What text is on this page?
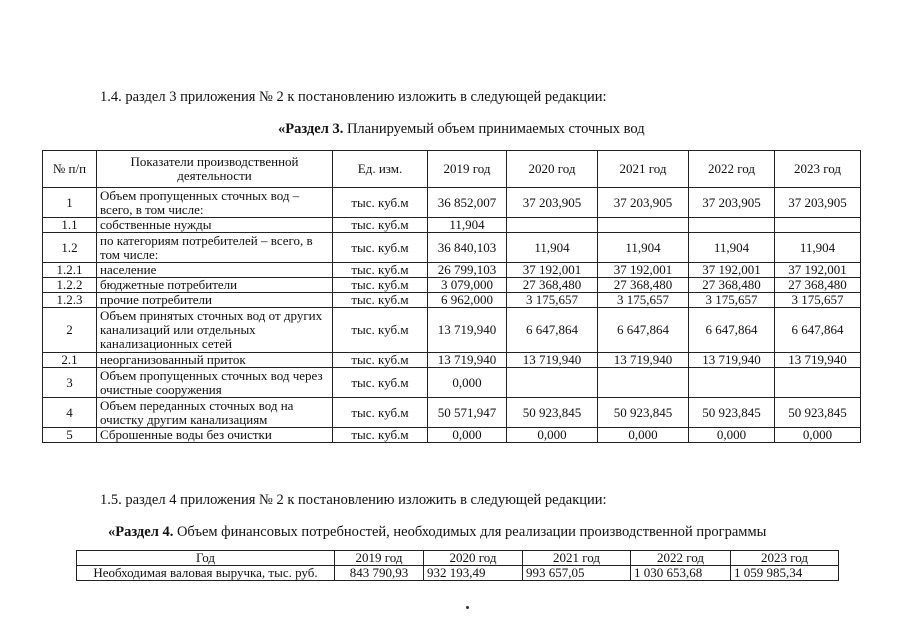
1.4. раздел 3 приложения № 2 к постановлению изложить в следующей редакции:
«Раздел 3. Планируемый объем принимаемых сточных вод
№ п/п	Показатели производственной деятельности	Ед. изм.	2019 год	2020 год	2021 год	2022 год	2023 год
1	Объем пропущенных сточных вод – всего, в том числе:	тыс. куб.м	36 852,007	37 203,905	37 203,905	37 203,905	37 203,905
1.1	собственные нужды	тыс. куб.м	11,904				
1.2	по категориям потребителей – всего, в том числе:	тыс. куб.м	36 840,103	11,904	11,904	11,904	11,904
1.2.1	население	тыс. куб.м	26 799,103	37 192,001	37 192,001	37 192,001	37 192,001
1.2.2	бюджетные потребители	тыс. куб.м	3 079,000	27 368,480	27 368,480	27 368,480	27 368,480
1.2.3	прочие потребители	тыс. куб.м	6 962,000	3 175,657	3 175,657	3 175,657	3 175,657
2	Объем принятых сточных вод от других канализаций или отдельных канализационных сетей	тыс. куб.м	13 719,940	6 647,864	6 647,864	6 647,864	6 647,864
2.1	неорганизованный приток	тыс. куб.м	13 719,940	13 719,940	13 719,940	13 719,940	13 719,940
3	Объем пропущенных сточных вод через очистные сооружения	тыс. куб.м	0,000				
4	Объем переданных сточных вод на очистку другим канализациям	тыс. куб.м	50 571,947	50 923,845	50 923,845	50 923,845	50 923,845
5	Сброшенные воды без очистки	тыс. куб.м	0,000	0,000	0,000	0,000	0,000
1.5. раздел 4 приложения № 2 к постановлению изложить в следующей редакции:
«Раздел 4. Объем финансовых потребностей, необходимых для реализации производственной программы
Год	2019 год	2020 год	2021 год	2022 год	2023 год
Необходимая валовая выручка, тыс. руб.	843 790,93	932 193,49	993 657,05	1 030 653,68	1 059 985,34
